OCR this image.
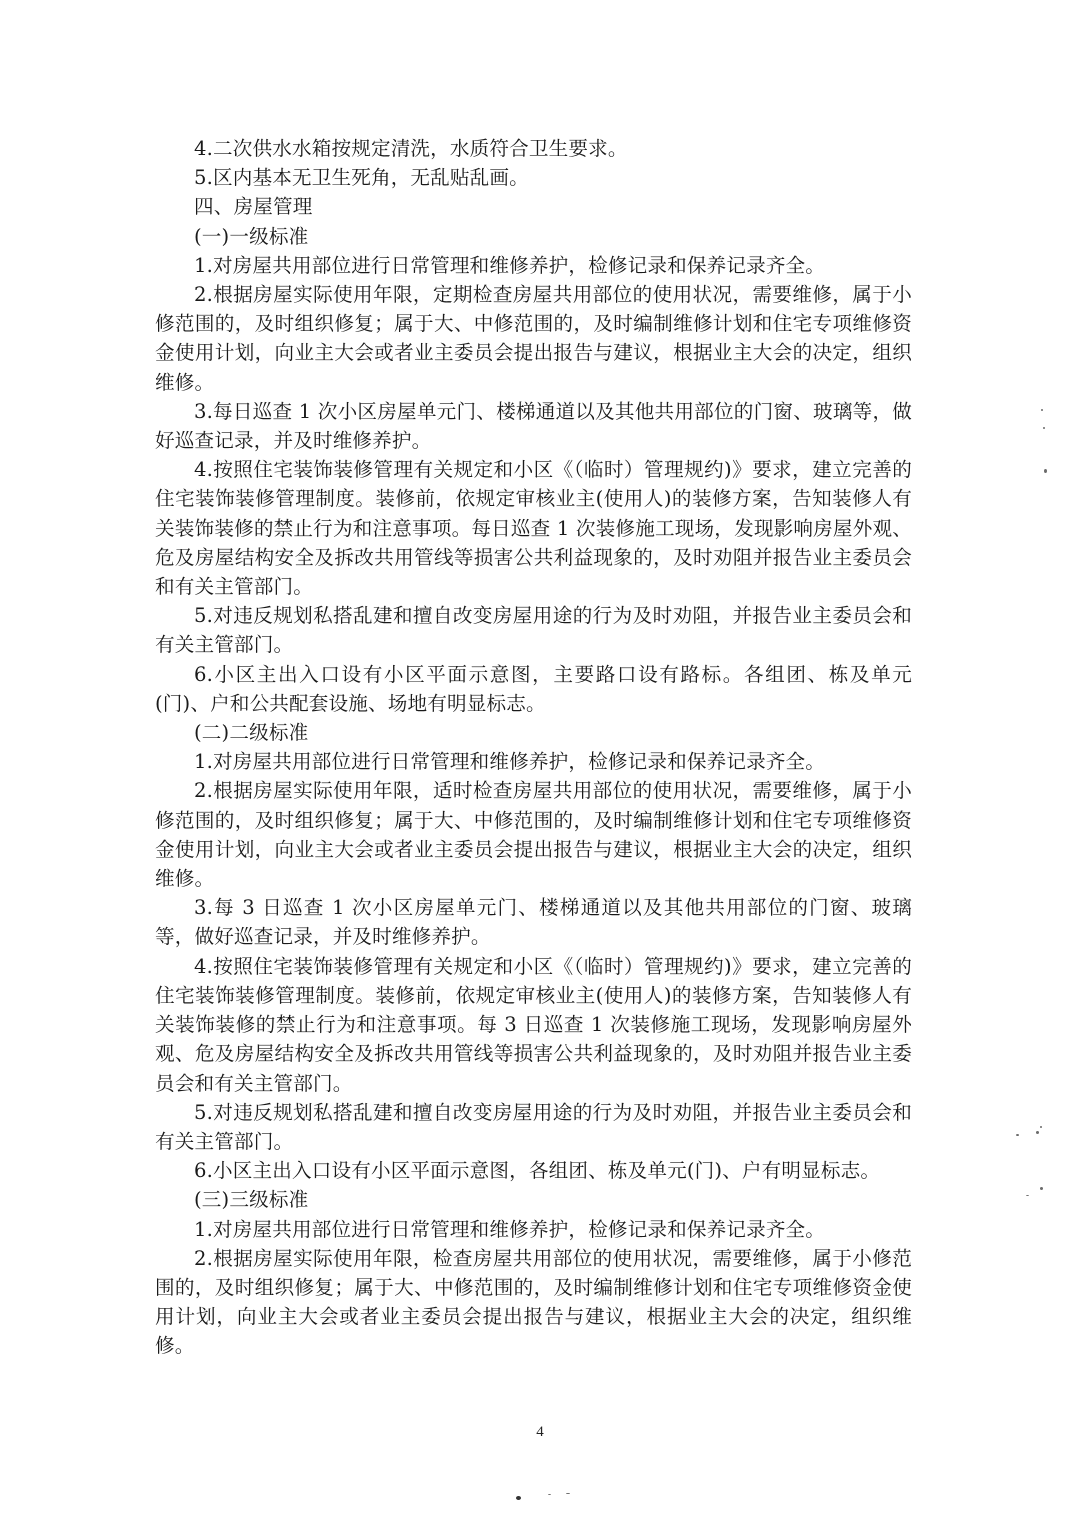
4.二次供水水箱按规定清洗，水质符合卫生要求。

5.区内基本无卫生死角，无乱贴乱画。

四、房屋管理

(一)一级标准

1.对房屋共用部位进行日常管理和维修养护，检修记录和保养记录齐全。

2.根据房屋实际使用年限，定期检查房屋共用部位的使用状况，需要维修，属于小修范围的，及时组织修复；属于大、中修范围的，及时编制维修计划和住宅专项维修资金使用计划，向业主大会或者业主委员会提出报告与建议，根据业主大会的决定，组织维修。

3.每日巡查 1 次小区房屋单元门、楼梯通道以及其他共用部位的门窗、玻璃等，做好巡查记录，并及时维修养护。

4.按照住宅装饰装修管理有关规定和小区《（临时）管理规约)》要求，建立完善的住宅装饰装修管理制度。装修前，依规定审核业主(使用人)的装修方案，告知装修人有关装饰装修的禁止行为和注意事项。每日巡查 1 次装修施工现场，发现影响房屋外观、危及房屋结构安全及拆改共用管线等损害公共利益现象的，及时劝阻并报告业主委员会和有关主管部门。

5.对违反规划私搭乱建和擅自改变房屋用途的行为及时劝阻，并报告业主委员会和有关主管部门。

6.小区主出入口设有小区平面示意图，主要路口设有路标。各组团、栋及单元(门)、户和公共配套设施、场地有明显标志。

(二)二级标准

1.对房屋共用部位进行日常管理和维修养护，检修记录和保养记录齐全。

2.根据房屋实际使用年限，适时检查房屋共用部位的使用状况，需要维修，属于小修范围的，及时组织修复；属于大、中修范围的，及时编制维修计划和住宅专项维修资金使用计划，向业主大会或者业主委员会提出报告与建议，根据业主大会的决定，组织维修。

3.每 3 日巡查 1 次小区房屋单元门、楼梯通道以及其他共用部位的门窗、玻璃等，做好巡查记录，并及时维修养护。

4.按照住宅装饰装修管理有关规定和小区《（临时）管理规约)》要求，建立完善的住宅装饰装修管理制度。装修前，依规定审核业主(使用人)的装修方案，告知装修人有关装饰装修的禁止行为和注意事项。每 3 日巡查 1 次装修施工现场，发现影响房屋外观、危及房屋结构安全及拆改共用管线等损害公共利益现象的，及时劝阻并报告业主委员会和有关主管部门。

5.对违反规划私搭乱建和擅自改变房屋用途的行为及时劝阻，并报告业主委员会和有关主管部门。

6.小区主出入口设有小区平面示意图，各组团、栋及单元(门)、户有明显标志。

(三)三级标准

1.对房屋共用部位进行日常管理和维修养护，检修记录和保养记录齐全。

2.根据房屋实际使用年限，检查房屋共用部位的使用状况，需要维修，属于小修范围的，及时组织修复；属于大、中修范围的，及时编制维修计划和住宅专项维修资金使用计划，向业主大会或者业主委员会提出报告与建议，根据业主大会的决定，组织维修。

4
